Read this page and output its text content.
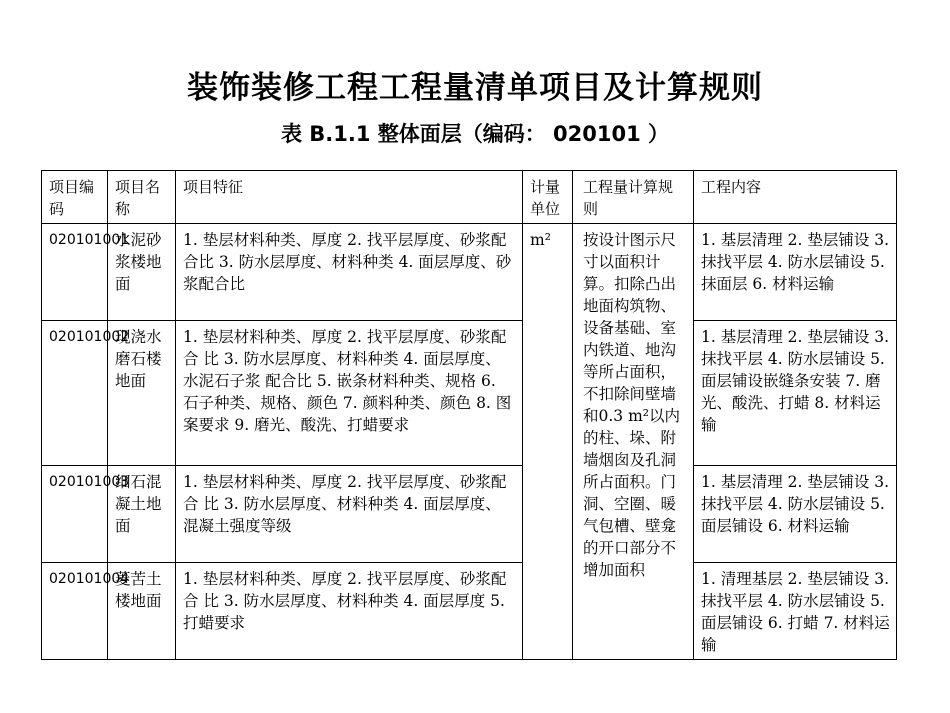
装饰装修工程工程量清单项目及计算规则
表 B.1.1 整体面层（编码： 020101 ）
项目编码	项目名称	项目特征	计量单位	工程量计算规则	工程内容
020101001	水泥砂浆楼地面	1. 垫层材料种类、厚度 2. 找平层厚度、砂浆配合比 3. 防水层厚度、材料种类 4. 面层厚度、砂浆配合比	m²	按设计图示尺寸以面积计算。扣除凸出地面构筑物、设备基础、室内铁道、地沟等所占面积，不扣除间壁墙和0.3 m²以内的柱、垛、附墙烟囱及孔洞所占面积。门洞、空圈、暖气包槽、壁龛的开口部分不增加面积	1. 基层清理 2. 垫层铺设 3. 抹找平层 4. 防水层铺设 5. 抹面层 6. 材料运输
020101002	现浇水磨石楼地面	1. 垫层材料种类、厚度 2. 找平层厚度、砂浆配合 比 3. 防水层厚度、材料种类 4. 面层厚度、水泥石子浆 配合比 5. 嵌条材料种类、规格 6. 石子种类、规格、颜色 7. 颜料种类、颜色 8. 图案要求 9. 磨光、酸洗、打蜡要求			1. 基层清理 2. 垫层铺设 3. 抹找平层 4. 防水层铺设 5. 面层铺设嵌缝条安装 7. 磨光、酸洗、打蜡 8. 材料运输
020101003	细石混凝土地面	1. 垫层材料种类、厚度 2. 找平层厚度、砂浆配合 比 3. 防水层厚度、材料种类 4. 面层厚度、混凝土强度等级			1. 基层清理 2. 垫层铺设 3. 抹找平层 4. 防水层铺设 5. 面层铺设 6. 材料运输
020101004	菱苦土楼地面	1. 垫层材料种类、厚度 2. 找平层厚度、砂浆配合 比 3. 防水层厚度、材料种类 4. 面层厚度 5. 打蜡要求			1. 清理基层 2. 垫层铺设 3. 抹找平层 4. 防水层铺设 5. 面层铺设 6. 打蜡 7. 材料运输
